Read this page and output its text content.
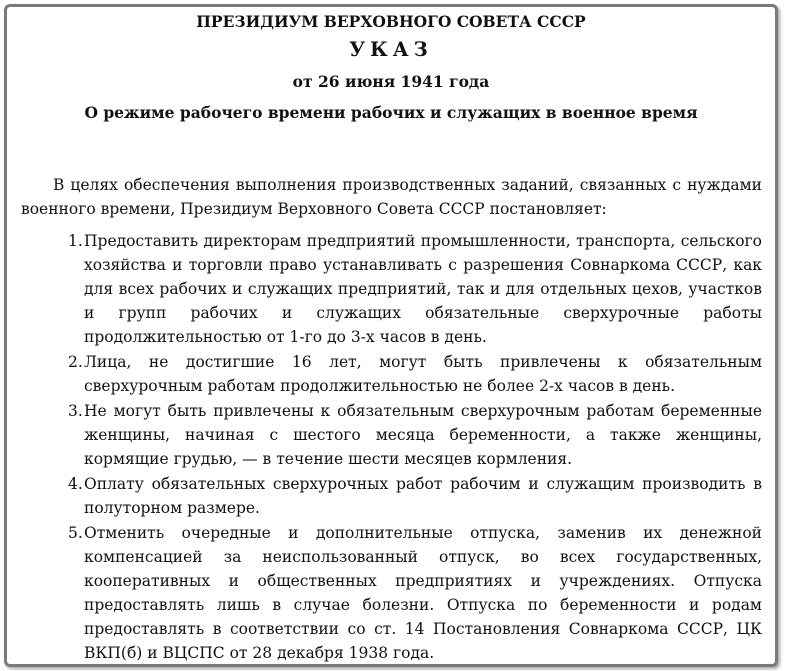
ПРЕЗИДИУМ ВЕРХОВНОГО СОВЕТА СССР
УКАЗ
от 26 июня 1941 года
О режиме рабочего времени рабочих и служащих в военное время

В целях обеспечения выполнения производственных заданий, связанных с нуждами военного времени, Президиум Верховного Совета СССР постановляет:

1. Предоставить директорам предприятий промышленности, транспорта, сельского хозяйства и торговли право устанавливать с разрешения Совнаркома СССР, как для всех рабочих и служащих предприятий, так и для отдельных цехов, участков и групп рабочих и служащих обязательные сверхурочные работы продолжительностью от 1-го до 3-х часов в день.
2. Лица, не достигшие 16 лет, могут быть привлечены к обязательным сверхурочным работам продолжительностью не более 2-х часов в день.
3. Не могут быть привлечены к обязательным сверхурочным работам беременные женщины, начиная с шестого месяца беременности, а также женщины, кормящие грудью, — в течение шести месяцев кормления.
4. Оплату обязательных сверхурочных работ рабочим и служащим производить в полуторном размере.
5. Отменить очередные и дополнительные отпуска, заменив их денежной компенсацией за неиспользованный отпуск, во всех государственных, кооперативных и общественных предприятиях и учреждениях. Отпуска предоставлять лишь в случае болезни. Отпуска по беременности и родам предоставлять в соответствии со ст. 14 Постановления Совнаркома СССР, ЦК ВКП(б) и ВЦСПС от 28 декабря 1938 года.
